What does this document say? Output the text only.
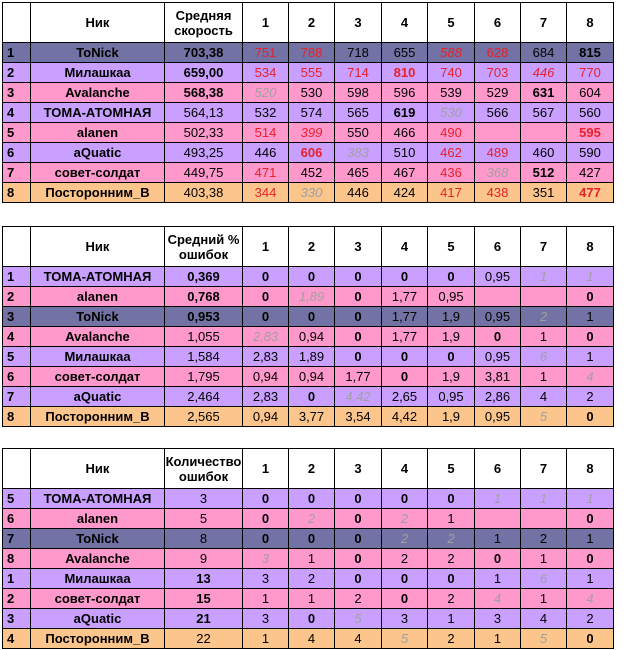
	Ник	Средняя скорость	1	2	3	4	5	6	7	8
1	ToNick	703,38	751	788	718	655	588	628	684	815
2	Милашкаа	659,00	534	555	714	810	740	703	446	770
3	Avalanche	568,38	520	530	598	596	539	529	631	604
4	ТОМА-АТОМНАЯ	564,13	532	574	565	619	530	566	567	560
5	alanen	502,33	514	399	550	466	490			595
6	aQuatic	493,25	446	606	383	510	462	489	460	590
7	совет-солдат	449,75	471	452	465	467	436	368	512	427
8	Посторонним_В	403,38	344	330	446	424	417	438	351	477
	Ник	Средний % ошибок	1	2	3	4	5	6	7	8
1	ТОМА-АТОМНАЯ	0,369	0	0	0	0	0	0,95	1	1
2	alanen	0,768	0	1,89	0	1,77	0,95			0
3	ToNick	0,953	0	0	0	1,77	1,9	0,95	2	1
4	Avalanche	1,055	2,83	0,94	0	1,77	1,9	0	1	0
5	Милашкаа	1,584	2,83	1,89	0	0	0	0,95	6	1
6	совет-солдат	1,795	0,94	0,94	1,77	0	1,9	3,81	1	4
7	aQuatic	2,464	2,83	0	4,42	2,65	0,95	2,86	4	2
8	Посторонним_В	2,565	0,94	3,77	3,54	4,42	1,9	0,95	5	0
	Ник	Количество ошибок	1	2	3	4	5	6	7	8
5	ТОМА-АТОМНАЯ	3	0	0	0	0	0	1	1	1
6	alanen	5	0	2	0	2	1			0
7	ToNick	8	0	0	0	2	2	1	2	1
8	Avalanche	9	3	1	0	2	2	0	1	0
1	Милашкаа	13	3	2	0	0	0	1	6	1
2	совет-солдат	15	1	1	2	0	2	4	1	4
3	aQuatic	21	3	0	5	3	1	3	4	2
4	Посторонним_В	22	1	4	4	5	2	1	5	0
